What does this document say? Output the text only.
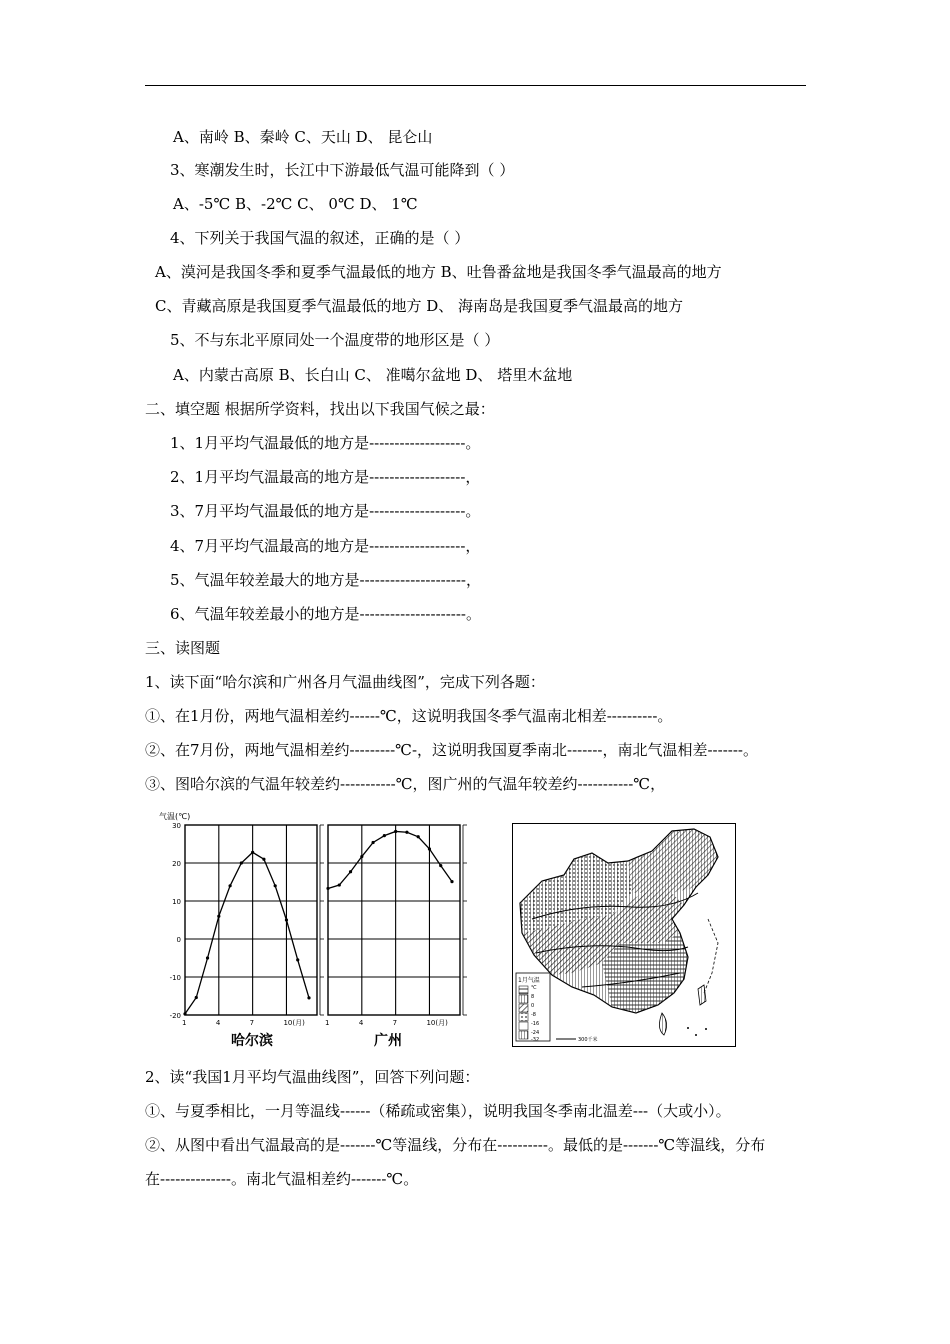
A、南岭 B、秦岭 C、天山 D、 昆仑山
3、寒潮发生时，长江中下游最低气温可能降到（ ）
A、-5℃ B、-2℃ C、 0℃ D、 1℃
4、下列关于我国气温的叙述，正确的是（ ）
A、漠河是我国冬季和夏季气温最低的地方 B、吐鲁番盆地是我国冬季气温最高的地方
C、青藏高原是我国夏季气温最低的地方 D、 海南岛是我国夏季气温最高的地方
5、不与东北平原同处一个温度带的地形区是（ ）
A、内蒙古高原 B、长白山 C、 准噶尔盆地 D、 塔里木盆地
二、填空题 根据所学资料，找出以下我国气候之最：
1、1月平均气温最低的地方是-------------------。
2、1月平均气温最高的地方是-------------------，
3、7月平均气温最低的地方是-------------------。
4、7月平均气温最高的地方是-------------------，
5、气温年较差最大的地方是---------------------，
6、气温年较差最小的地方是---------------------。
三、读图题
1、读下面“哈尔滨和广州各月气温曲线图”，完成下列各题：
①、在1月份，两地气温相差约------℃，这说明我国冬季气温南北相差----------。
②、在7月份，两地气温相差约---------℃-，这说明我国夏季南北-------，南北气温相差-------。
③、图哈尔滨的气温年较差约-----------℃，图广州的气温年较差约-----------℃，
1	4	7	10(月)
哈尔滨
30
20
10
0
-10
-20
气温(℃)
1	4	7	10(月)
广州
1月气温
℃
8
0
-8
-16
-24
-32	300千米
2、读“我国1月平均气温曲线图”，回答下列问题：
①、与夏季相比，一月等温线------（稀疏或密集），说明我国冬季南北温差---（大或小）。
②、从图中看出气温最高的是-------℃等温线，分布在----------。最低的是-------℃等温线，分布
在--------------。南北气温相差约-------℃。
